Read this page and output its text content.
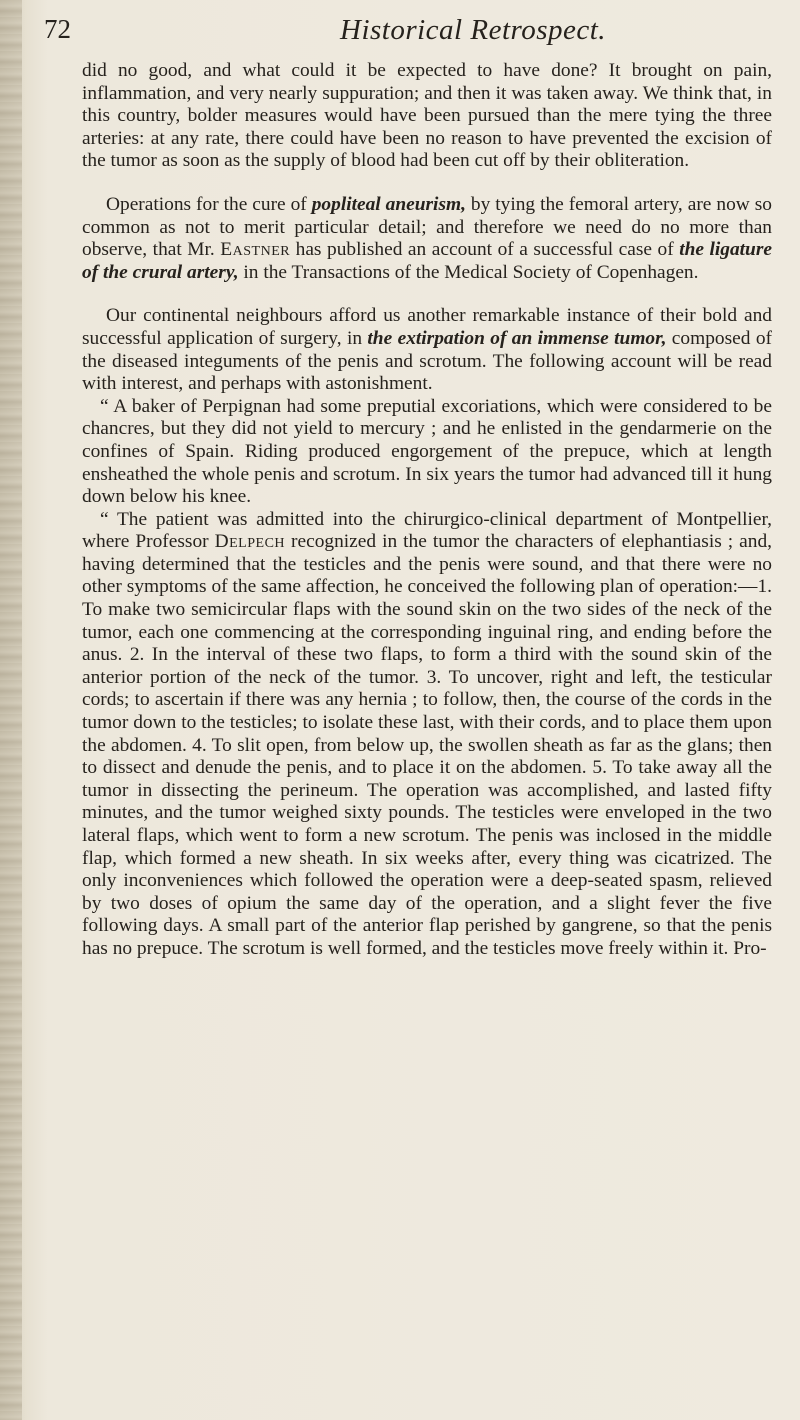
72	Historical Retrospect.

did no good, and what could it be expected to have done? It brought on pain, inflammation, and very nearly suppuration; and then it was taken away. We think that, in this country, bolder measures would have been pursued than the mere tying the three arteries: at any rate, there could have been no reason to have prevented the excision of the tumor as soon as the supply of blood had been cut off by their obliteration.

Operations for the cure of popliteal aneurism, by tying the femoral artery, are now so common as not to merit particular detail; and therefore we need do no more than observe, that Mr. Eastner has published an account of a successful case of the ligature of the crural artery, in the Transactions of the Medical Society of Copenhagen.

Our continental neighbours afford us another remarkable instance of their bold and successful application of surgery, in the extirpation of an immense tumor, composed of the diseased integuments of the penis and scrotum. The following account will be read with interest, and perhaps with astonishment.

“ A baker of Perpignan had some preputial excoriations, which were considered to be chancres, but they did not yield to mercury ; and he enlisted in the gendarmerie on the confines of Spain. Riding produced engorgement of the prepuce, which at length ensheathed the whole penis and scrotum. In six years the tumor had advanced till it hung down below his knee.

“ The patient was admitted into the chirurgico-clinical department of Montpellier, where Professor Delpech recognized in the tumor the characters of elephantiasis ; and, having determined that the testicles and the penis were sound, and that there were no other symptoms of the same affection, he conceived the following plan of operation:—1. To make two semicircular flaps with the sound skin on the two sides of the neck of the tumor, each one commencing at the corresponding inguinal ring, and ending before the anus. 2. In the interval of these two flaps, to form a third with the sound skin of the anterior portion of the neck of the tumor. 3. To uncover, right and left, the testicular cords; to ascertain if there was any hernia ; to follow, then, the course of the cords in the tumor down to the testicles; to isolate these last, with their cords, and to place them upon the abdomen. 4. To slit open, from below up, the swollen sheath as far as the glans; then to dissect and denude the penis, and to place it on the abdomen. 5. To take away all the tumor in dissecting the perineum. The operation was accomplished, and lasted fifty minutes, and the tumor weighed sixty pounds. The testicles were enveloped in the two lateral flaps, which went to form a new scrotum. The penis was inclosed in the middle flap, which formed a new sheath. In six weeks after, every thing was cicatrized. The only inconveniences which followed the operation were a deep-seated spasm, relieved by two doses of opium the same day of the operation, and a slight fever the five following days. A small part of the anterior flap perished by gangrene, so that the penis has no prepuce. The scrotum is well formed, and the testicles move freely within it. Pro-
